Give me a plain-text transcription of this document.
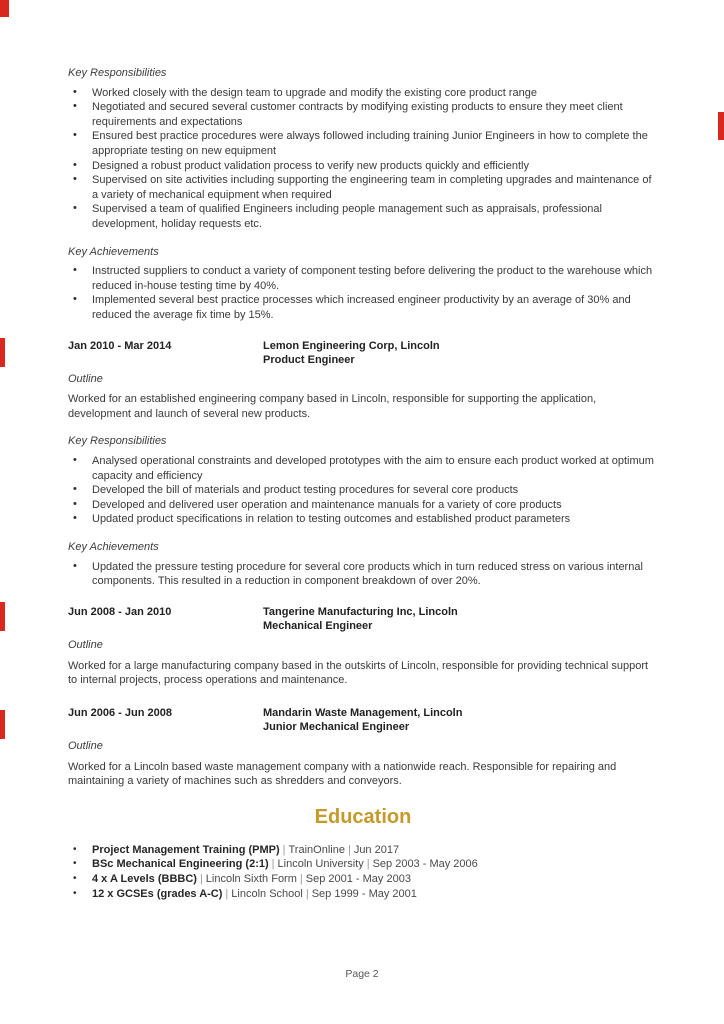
Key Responsibilities
• Worked closely with the design team to upgrade and modify the existing core product range
• Negotiated and secured several customer contracts by modifying existing products to ensure they meet client requirements and expectations
• Ensured best practice procedures were always followed including training Junior Engineers in how to complete the appropriate testing on new equipment
• Designed a robust product validation process to verify new products quickly and efficiently
• Supervised on site activities including supporting the engineering team in completing upgrades and maintenance of a variety of mechanical equipment when required
• Supervised a team of qualified Engineers including people management such as appraisals, professional development, holiday requests etc.
Key Achievements
• Instructed suppliers to conduct a variety of component testing before delivering the product to the warehouse which reduced in-house testing time by 40%.
• Implemented several best practice processes which increased engineer productivity by an average of 30% and reduced the average fix time by 15%.
Jan 2010 - Mar 2014	Lemon Engineering Corp, Lincoln
Product Engineer
Outline

Worked for an established engineering company based in Lincoln, responsible for supporting the application, development and launch of several new products.

Key Responsibilities
• Analysed operational constraints and developed prototypes with the aim to ensure each product worked at optimum capacity and efficiency
• Developed the bill of materials and product testing procedures for several core products
• Developed and delivered user operation and maintenance manuals for a variety of core products
• Updated product specifications in relation to testing outcomes and established product parameters
Key Achievements
• Updated the pressure testing procedure for several core products which in turn reduced stress on various internal components. This resulted in a reduction in component breakdown of over 20%.
Jun 2008 - Jan 2010	Tangerine Manufacturing Inc, Lincoln
Mechanical Engineer
Outline

Worked for a large manufacturing company based in the outskirts of Lincoln, responsible for providing technical support to internal projects, process operations and maintenance.

Jun 2006 - Jun 2008	Mandarin Waste Management, Lincoln
Junior Mechanical Engineer
Outline

Worked for a Lincoln based waste management company with a nationwide reach. Responsible for repairing and maintaining a variety of machines such as shredders and conveyors.

Education
• Project Management Training (PMP) | TrainOnline | Jun 2017
• BSc Mechanical Engineering (2:1) | Lincoln University | Sep 2003 - May 2006
• 4 x A Levels (BBBC) | Lincoln Sixth Form | Sep 2001 - May 2003
• 12 x GCSEs (grades A-C) | Lincoln School | Sep 1999 - May 2001
Page 2
